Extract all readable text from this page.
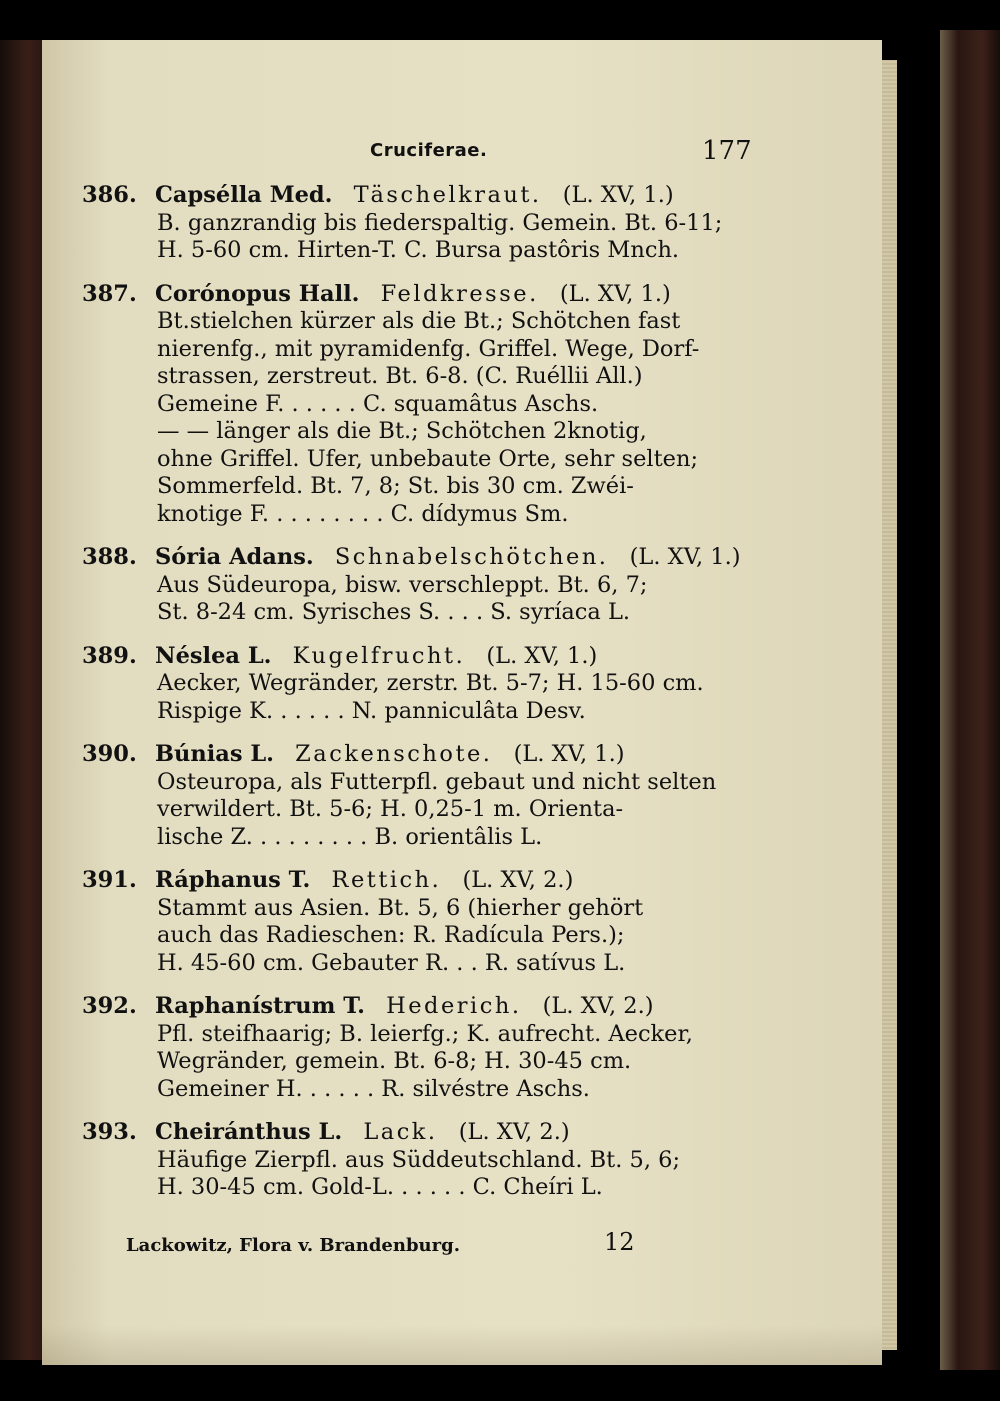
Cruciferae.	177
386. Capsélla Med. Täschelkraut. (L. XV, 1.)
B. ganzrandig bis fiederspaltig. Gemein. Bt. 6-11;
H. 5-60 cm. Hirten-T. C. Bursa pastôris Mnch.
387. Corónopus Hall. Feldkresse. (L. XV, 1.)
Bt.stielchen kürzer als die Bt.; Schötchen fast
nierenfg., mit pyramidenfg. Griffel. Wege, Dorf-
strassen, zerstreut. Bt. 6-8. (C. Ruéllii All.)
Gemeine F. . . . . . C. squamâtus Aschs.
— — länger als die Bt.; Schötchen 2knotig,
ohne Griffel. Ufer, unbebaute Orte, sehr selten;
Sommerfeld. Bt. 7, 8; St. bis 30 cm. Zwéi-
knotige F. . . . . . . . . C. dídymus Sm.
388. Sória Adans. Schnabelschötchen. (L. XV, 1.)
Aus Südeuropa, bisw. verschleppt. Bt. 6, 7;
St. 8-24 cm. Syrisches S. . . . S. syríaca L.
389. Néslea L. Kugelfrucht. (L. XV, 1.)
Aecker, Wegränder, zerstr. Bt. 5-7; H. 15-60 cm.
Rispige K. . . . . . N. panniculâta Desv.
390. Búnias L. Zackenschote. (L. XV, 1.)
Osteuropa, als Futterpfl. gebaut und nicht selten
verwildert. Bt. 5-6; H. 0,25-1 m. Orienta-
lische Z. . . . . . . . . B. orientâlis L.
391. Ráphanus T. Rettich. (L. XV, 2.)
Stammt aus Asien. Bt. 5, 6 (hierher gehört
auch das Radieschen: R. Radícula Pers.);
H. 45-60 cm. Gebauter R. . . R. satívus L.
392. Raphanístrum T. Hederich. (L. XV, 2.)
Pfl. steifhaarig; B. leierfg.; K. aufrecht. Aecker,
Wegränder, gemein. Bt. 6-8; H. 30-45 cm.
Gemeiner H. . . . . . R. silvéstre Aschs.
393. Cheiránthus L. Lack. (L. XV, 2.)
Häufige Zierpfl. aus Süddeutschland. Bt. 5, 6;
H. 30-45 cm. Gold-L. . . . . . C. Cheíri L.
Lackowitz, Flora v. Brandenburg.	12
